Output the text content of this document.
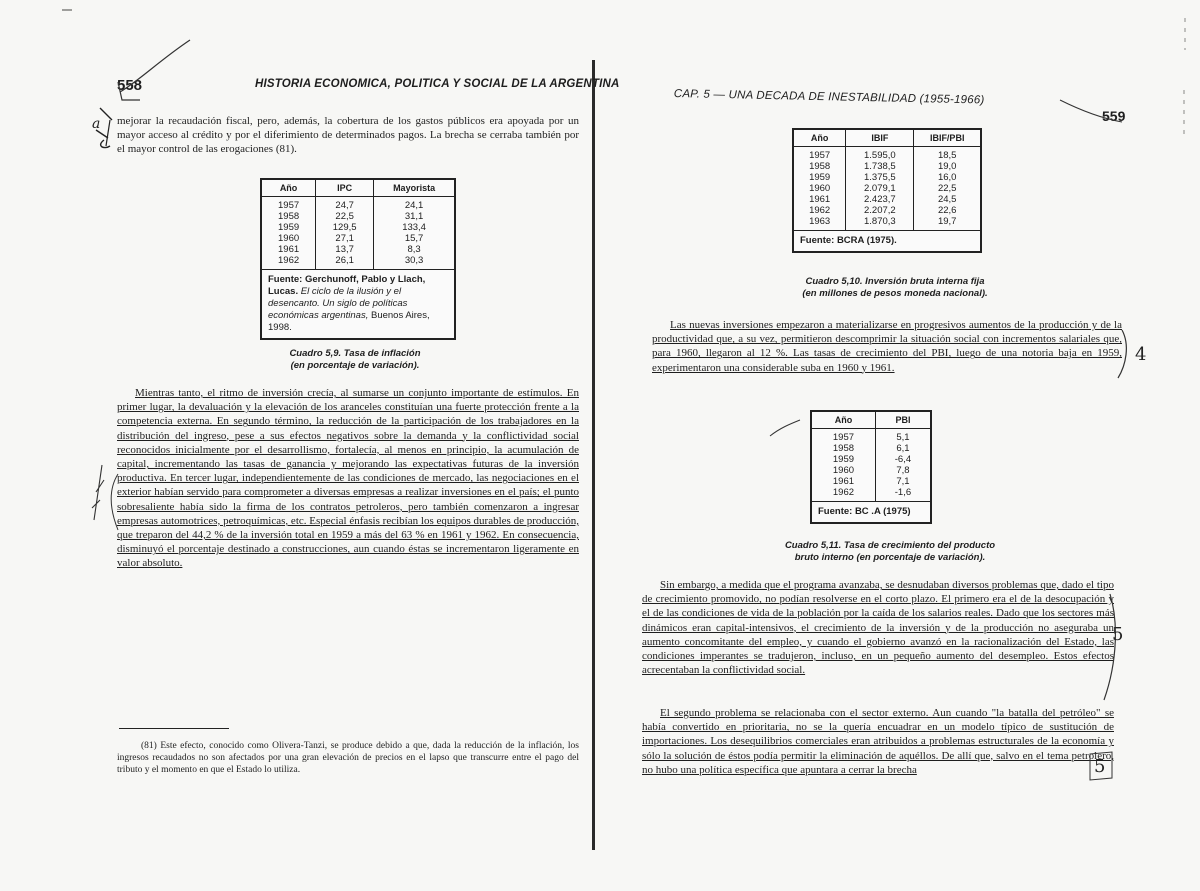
558	HISTORIA ECONOMICA, POLITICA Y SOCIAL DE LA ARGENTINA

mejorar la recaudación fiscal, pero, además, la cobertura de los gastos públicos era apoyada por un mayor acceso al crédito y por el diferimiento de determinados pagos. La brecha se cerraba también por el mayor control de las erogaciones (81).

Año	IPC	Mayorista
1957	24,7	24,1
1958	22,5	31,1
1959	129,5	133,4
1960	27,1	15,7
1961	13,7	8,3
1962	26,1	30,3
Fuente: Gerchunoff, Pablo y Llach, Lucas. El ciclo de la ilusión y el desencanto. Un siglo de políticas económicas argentinas, Buenos Aires, 1998.		
Cuadro 5,9. Tasa de inflación
(en porcentaje de variación).

Mientras tanto, el ritmo de inversión crecía, al sumarse un conjunto importante de estímulos. En primer lugar, la devaluación y la elevación de los aranceles constituían una fuerte protección frente a la competencia externa. En segundo término, la reducción de la participación de los trabajadores en la distribución del ingreso, pese a sus efectos negativos sobre la demanda y la conflictividad social reconocidos inicialmente por el desarrollismo, fortalecía, al menos en principio, la acumulación de capital, incrementando las tasas de ganancia y mejorando las expectativas futuras de la inversión productiva. En tercer lugar, independientemente de las condiciones de mercado, las negociaciones en el exterior habían servido para comprometer a diversas empresas a realizar inversiones en el país; el punto sobresaliente había sido la firma de los contratos petroleros, pero también comenzaron a ingresar empresas automotrices, petroquímicas, etc. Especial énfasis recibían los equipos durables de producción, que treparon del 44,2 % de la inversión total en 1959 a más del 63 % en 1961 y 1962. En consecuencia, disminuyó el porcentaje destinado a construcciones, aun cuando éstas se incrementaron ligeramente en valor absoluto.

(81) Este efecto, conocido como Olivera-Tanzi, se produce debido a que, dada la reducción de la inflación, los ingresos recaudados no son afectados por una gran elevación de precios en el lapso que transcurre entre el pago del tributo y el momento en que el Estado lo utiliza.
CAP. 5 — UNA DECADA DE INESTABILIDAD (1955-1966)
559
Año	IBIF	IBIF/PBI
1957	1.595,0	18,5
1958	1.738,5	19,0
1959	1.375,5	16,0
1960	2.079,1	22,5
1961	2.423,7	24,5
1962	2.207,2	22,6
1963	1.870,3	19,7
Fuente: BCRA (1975).		
Cuadro 5,10. Inversión bruta interna fija
(en millones de pesos moneda nacional).

Las nuevas inversiones empezaron a materializarse en progresivos aumentos de la producción y de la productividad que, a su vez, permitieron descomprimir la situación social con incrementos salariales que, para 1960, llegaron al 12 %. Las tasas de crecimiento del PBI, luego de una notoria baja en 1959, experimentaron una considerable suba en 1960 y 1961.

Año	PBI
1957	5,1
1958	6,1
1959	-6,4
1960	7,8
1961	7,1
1962	-1,6
Fuente: BC .A (1975)	
Cuadro 5,11. Tasa de crecimiento del producto
bruto interno (en porcentaje de variación).

Sin embargo, a medida que el programa avanzaba, se desnudaban diversos problemas que, dado el tipo de crecimiento promovido, no podían resolverse en el corto plazo. El primero era el de la desocupación y el de las condiciones de vida de la población por la caída de los salarios reales. Dado que los sectores más dinámicos eran capital-intensivos, el crecimiento de la inversión y de la producción no aseguraba un aumento concomitante del empleo, y cuando el gobierno avanzó en la racionalización del Estado, las condiciones imperantes se tradujeron, incluso, en un pequeño aumento del desempleo. Estos efectos acrecentaban la conflictividad social.

El segundo problema se relacionaba con el sector externo. Aun cuando "la batalla del petróleo" se había convertido en prioritaria, no se la quería encuadrar en un modelo típico de sustitución de importaciones. Los desequilibrios comerciales eran atribuidos a problemas estructurales de la economía y sólo la solución de éstos podía permitir la eliminación de aquéllos. De allí que, salvo en el tema petrolero, no hubo una política específica que apuntara a cerrar la brecha

a
4
5
5
